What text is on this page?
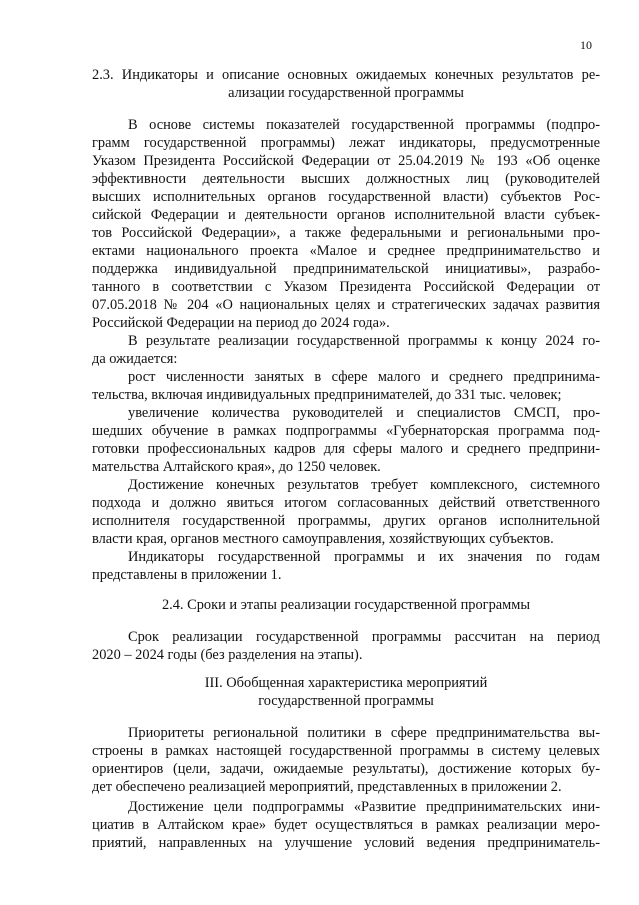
10
2.3. Индикаторы и описание основных ожидаемых конечных результатов ре-
ализации государственной программы
В основе системы показателей государственной программы (подпро-
грамм государственной программы) лежат индикаторы, предусмотренные
Указом Президента Российской Федерации от 25.04.2019 № 193 «Об оценке
эффективности деятельности высших должностных лиц (руководителей
высших исполнительных органов государственной власти) субъектов Рос-
сийской Федерации и деятельности органов исполнительной власти субъек-
тов Российской Федерации», а также федеральными и региональными про-
ектами национального проекта «Малое и среднее предпринимательство и
поддержка индивидуальной предпринимательской инициативы», разрабо-
танного в соответствии с Указом Президента Российской Федерации от
07.05.2018 № 204 «О национальных целях и стратегических задачах развития
Российской Федерации на период до 2024 года».
В результате реализации государственной программы к концу 2024 го-
да ожидается:
рост численности занятых в сфере малого и среднего предпринима-
тельства, включая индивидуальных предпринимателей, до 331 тыс. человек;
увеличение количества руководителей и специалистов СМСП, про-
шедших обучение в рамках подпрограммы «Губернаторская программа под-
готовки профессиональных кадров для сферы малого и среднего предприни-
мательства Алтайского края», до 1250 человек.
Достижение конечных результатов требует комплексного, системного
подхода и должно явиться итогом согласованных действий ответственного
исполнителя государственной программы, других органов исполнительной
власти края, органов местного самоуправления, хозяйствующих субъектов.
Индикаторы государственной программы и их значения по годам
представлены в приложении 1.
2.4. Сроки и этапы реализации государственной программы
Срок реализации государственной программы рассчитан на период
2020 – 2024 годы (без разделения на этапы).
III. Обобщенная характеристика мероприятий
государственной программы
Приоритеты региональной политики в сфере предпринимательства вы-
строены в рамках настоящей государственной программы в систему целевых
ориентиров (цели, задачи, ожидаемые результаты), достижение которых бу-
дет обеспечено реализацией мероприятий, представленных в приложении 2.
Достижение цели подпрограммы «Развитие предпринимательских ини-
циатив в Алтайском крае» будет осуществляться в рамках реализации меро-
приятий, направленных на улучшение условий ведения предприниматель-
